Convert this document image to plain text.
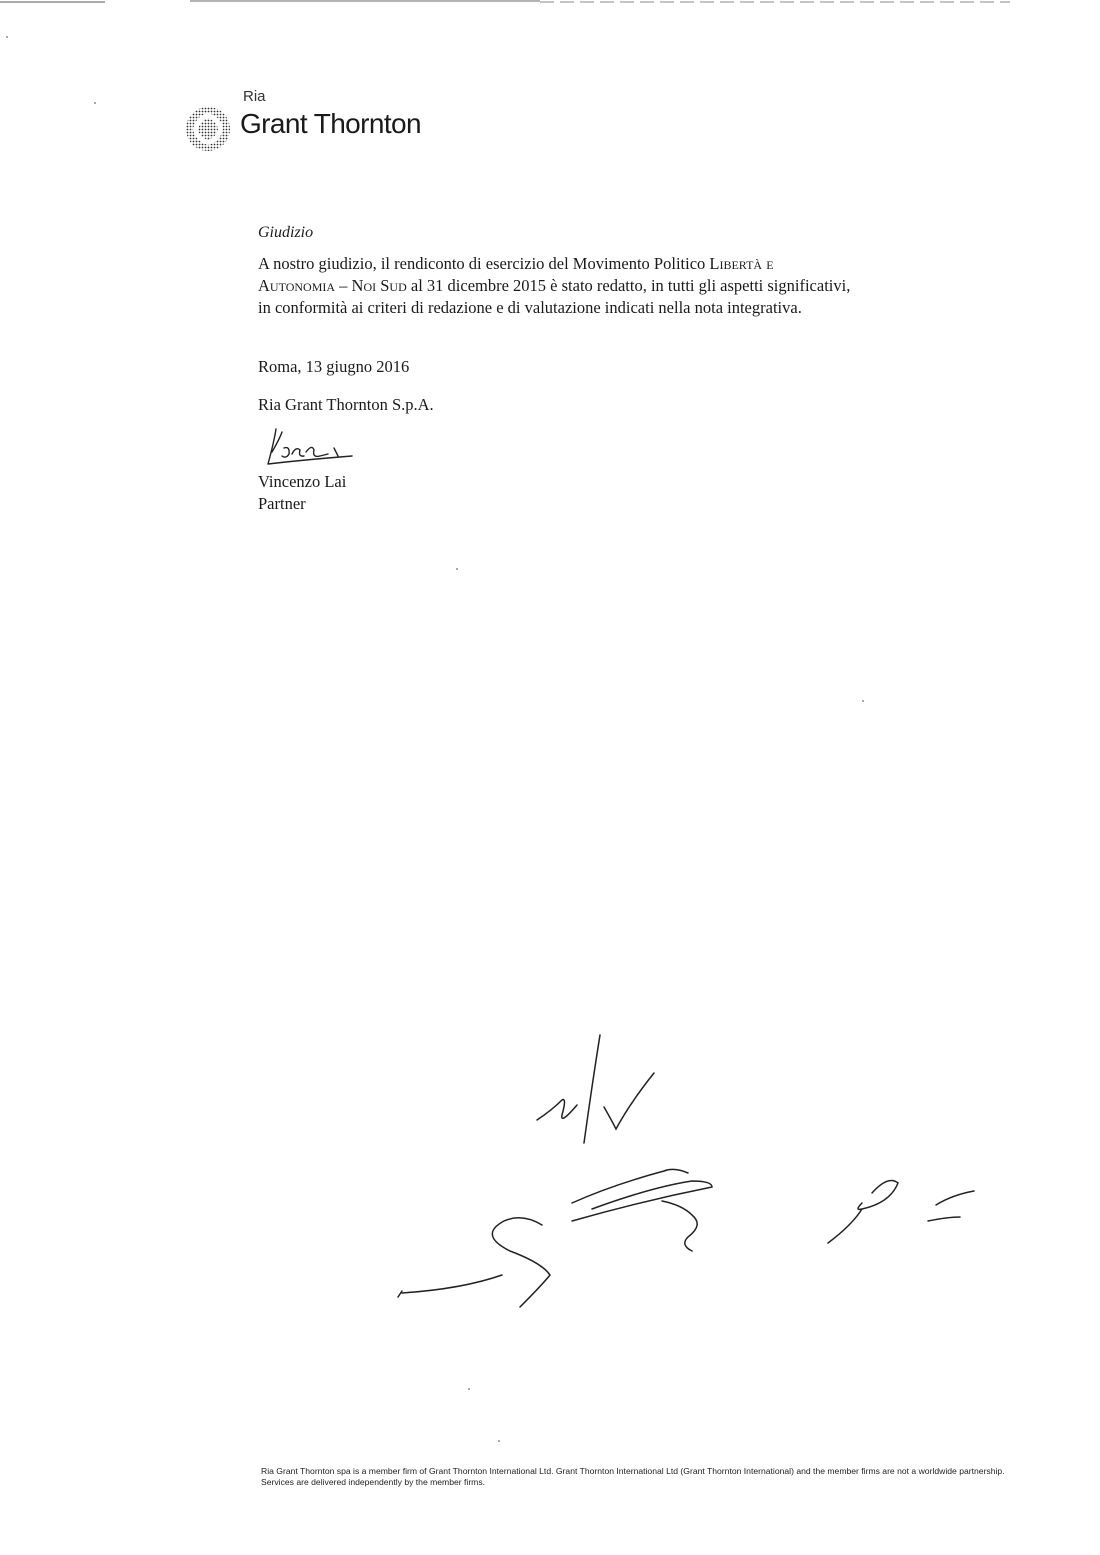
Ria
Grant Thornton

Giudizio

A nostro giudizio, il rendiconto di esercizio del Movimento Politico Libertà e
Autonomia – Noi Sud al 31 dicembre 2015 è stato redatto, in tutti gli aspetti significativi,
in conformità ai criteri di redazione e di valutazione indicati nella nota integrativa.

Roma, 13 giugno 2016

Ria Grant Thornton S.p.A.

Vincenzo Lai

Partner

Ria Grant Thornton spa is a member firm of Grant Thornton International Ltd. Grant Thornton International Ltd (Grant Thornton International) and the member firms are not a worldwide partnership.
Services are delivered independently by the member firms.
